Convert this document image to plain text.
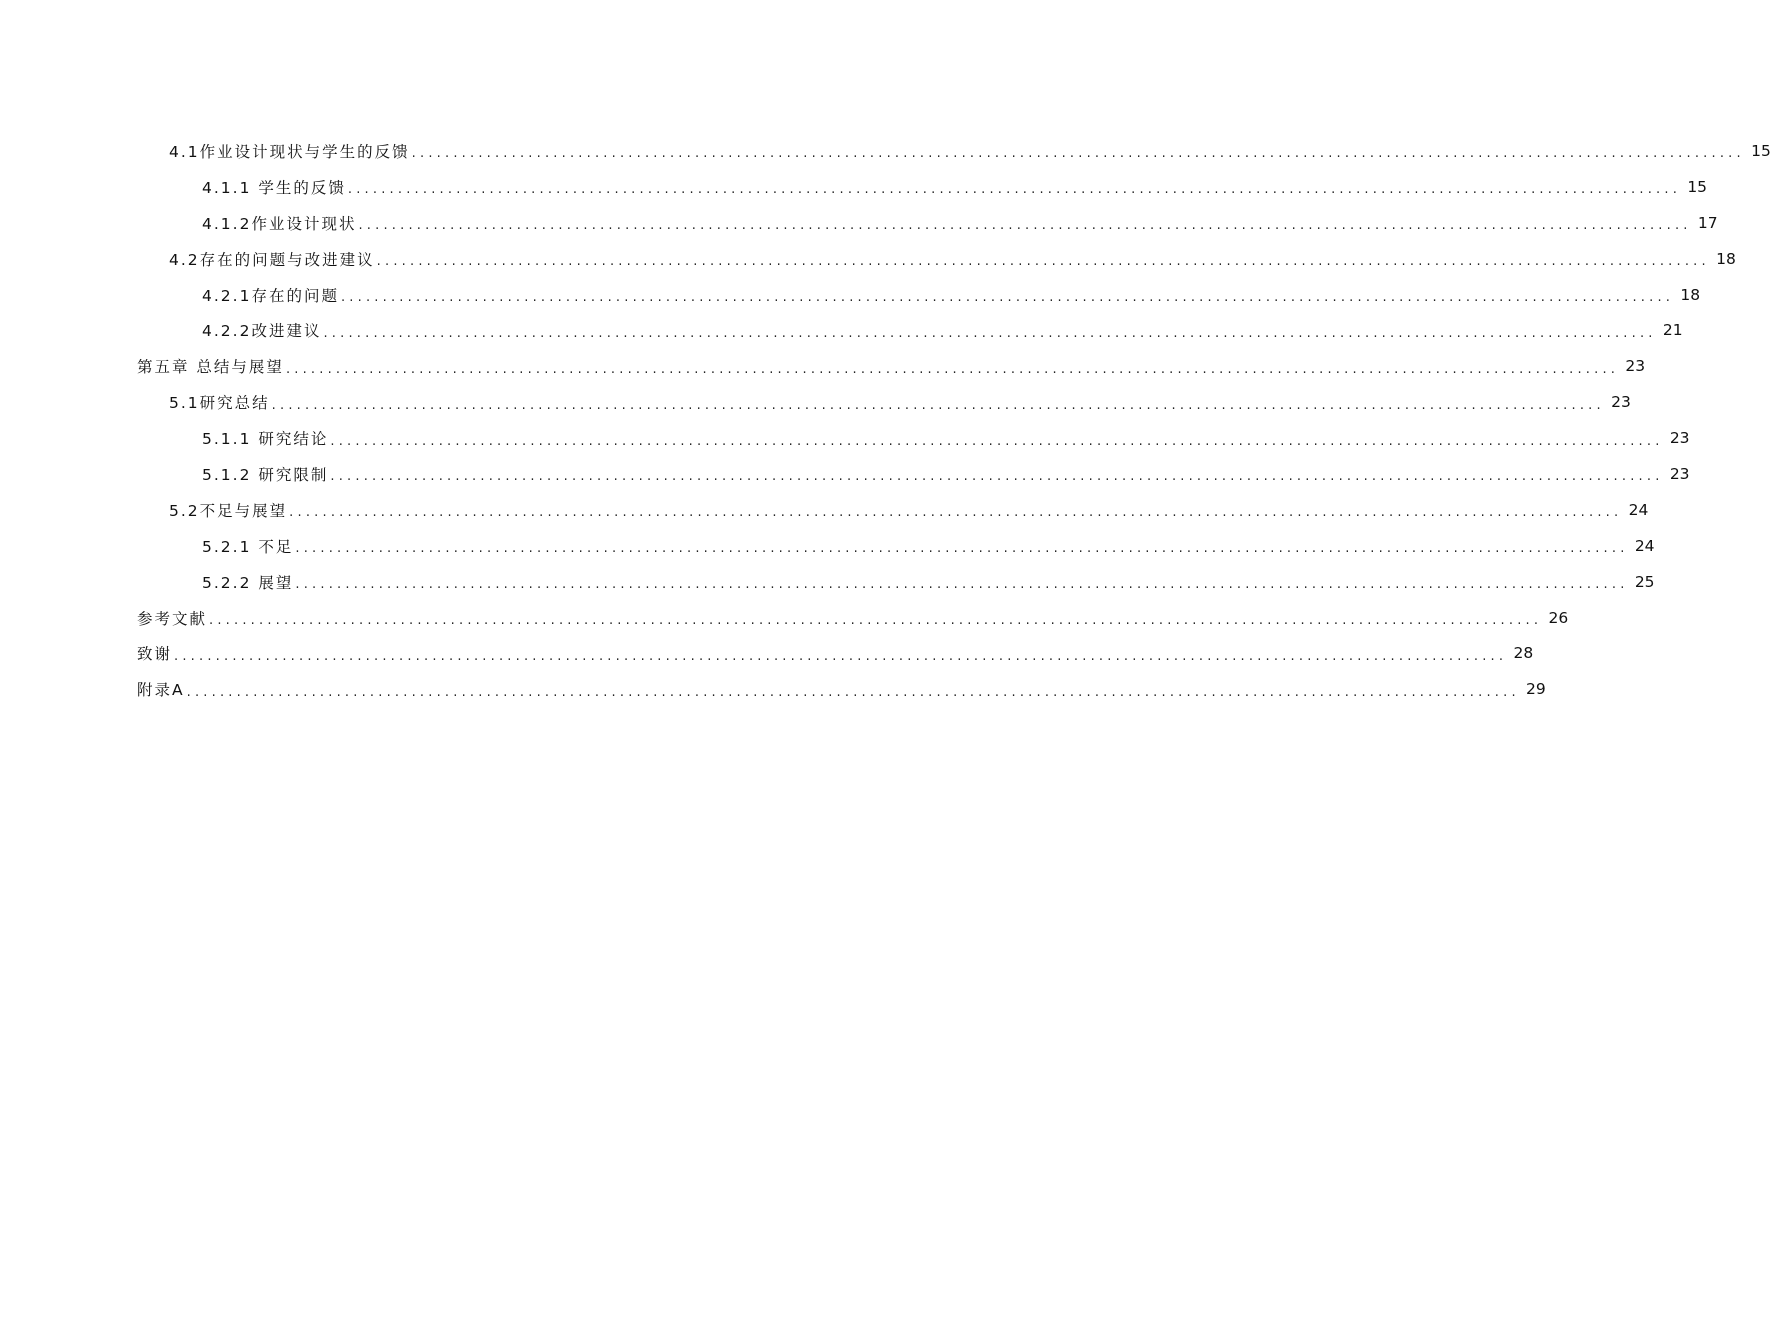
4.1作业设计现状与学生的反馈 ................................................................................................................................................................ 15
4.1.1 学生的反馈 ................................................................................................................................................................ 15
4.1.2作业设计现状 ................................................................................................................................................................ 17
4.2存在的问题与改进建议 ................................................................................................................................................................ 18
4.2.1存在的问题 ................................................................................................................................................................ 18
4.2.2改进建议 ................................................................................................................................................................ 21
第五章 总结与展望 ................................................................................................................................................................ 23
5.1研究总结 ................................................................................................................................................................ 23
5.1.1 研究结论 ................................................................................................................................................................ 23
5.1.2 研究限制 ................................................................................................................................................................ 23
5.2不足与展望 ................................................................................................................................................................ 24
5.2.1 不足 ................................................................................................................................................................ 24
5.2.2 展望 ................................................................................................................................................................ 25
参考文献 ................................................................................................................................................................ 26
致谢 ................................................................................................................................................................ 28
附录A ................................................................................................................................................................ 29
